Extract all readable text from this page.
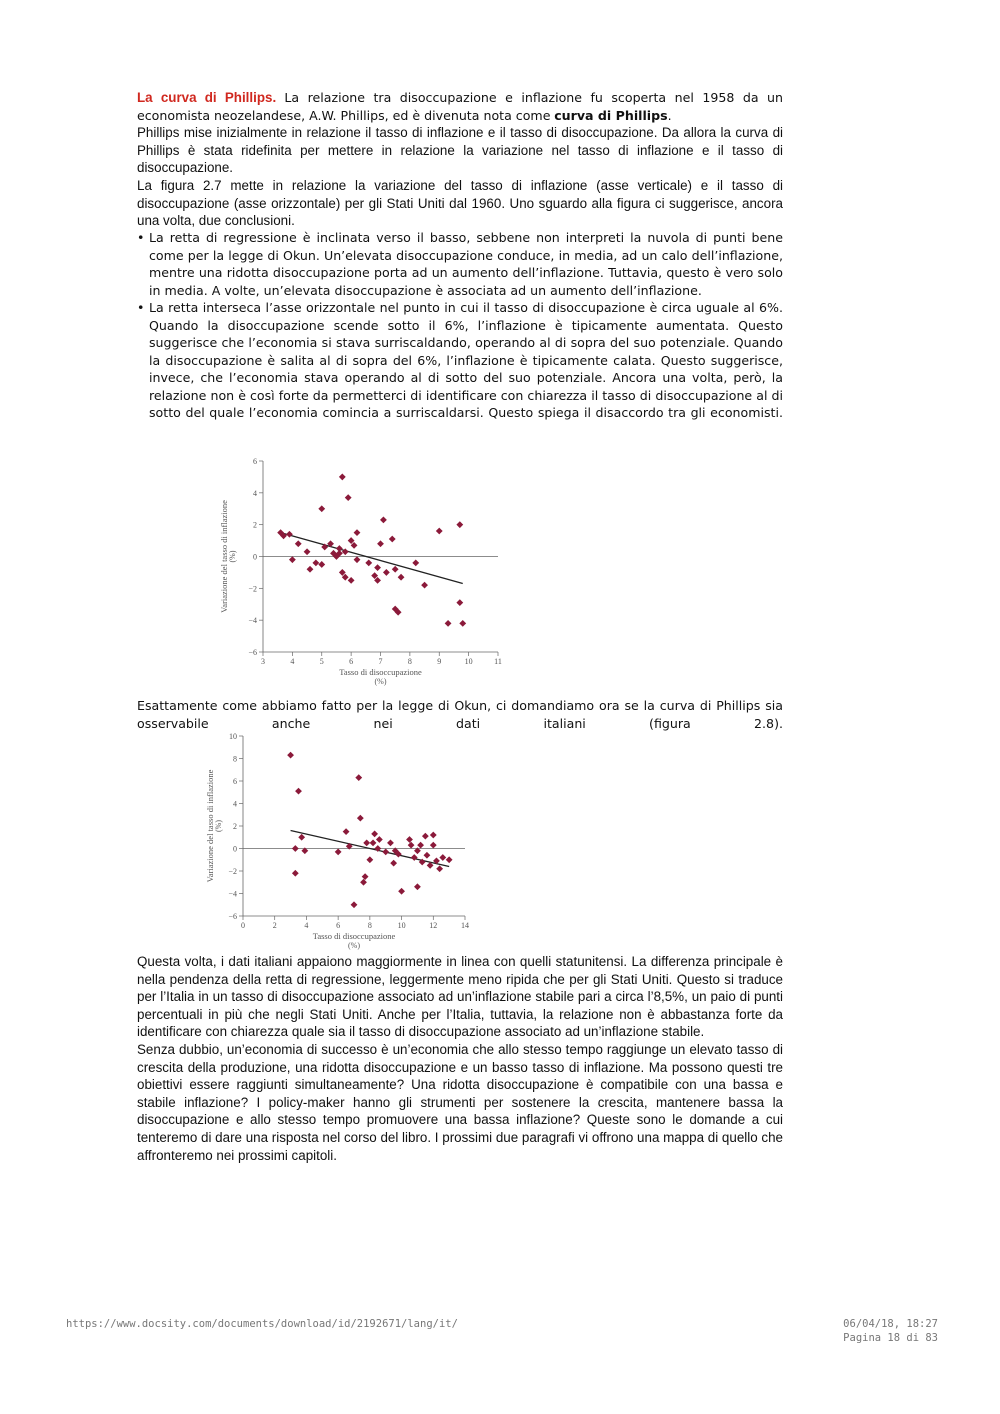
La curva di Phillips. La relazione tra disoccupazione e inflazione fu scoperta nel 1958 da un economista neozelandese, A.W. Phillips, ed è divenuta nota come curva di Phillips.
Phillips mise inizialmente in relazione il tasso di inflazione e il tasso di disoccupazione. Da allora la curva di Phillips è stata ridefinita per mettere in relazione la variazione nel tasso di inflazione e il tasso di disoccupazione.
La figura 2.7 mette in relazione la variazione del tasso di inflazione (asse verticale) e il tasso di disoccupazione (asse orizzontale) per gli Stati Uniti dal 1960. Uno sguardo alla figura ci suggerisce, ancora una volta, due conclusioni.
• La retta di regressione è inclinata verso il basso, sebbene non interpreti la nuvola di punti bene come per la legge di Okun. Un’elevata disoccupazione conduce, in media, ad un calo dell’inflazione, mentre una ridotta disoccupazione porta ad un aumento dell’inflazione. Tuttavia, questo è vero solo in media. A volte, un’elevata disoccupazione è associata ad un aumento dell’inflazione.
• La retta interseca l’asse orizzontale nel punto in cui il tasso di disoccupazione è circa uguale al 6%. Quando la disoccupazione scende sotto il 6%, l’inflazione è tipicamente aumentata. Questo suggerisce che l’economia si stava surriscaldando, operando al di sopra del suo potenziale. Quando la disoccupazione è salita al di sopra del 6%, l’inflazione è tipicamente calata. Questo suggerisce, invece, che l’economia stava operando al di sotto del suo potenziale. Ancora una volta, però, la relazione non è così forte da permetterci di identificare con chiarezza il tasso di disoccupazione al di sotto del quale l’economia comincia a surriscaldarsi. Questo spiega il disaccordo tra gli economisti.
6
4
2
0
−2
−4
−6
3	4	5	6	7	8	9	10	11
Tasso di disoccupazione
(%)
Variazione del tasso di inflazione (%)
Esattamente come abbiamo fatto per la legge di Okun, ci domandiamo ora se la curva di Phillips sia osservabile anche nei dati italiani (figura 2.8).
10
8
6
4
2
0
−2
−4
−6
0	2	4	6	8	10	12	14
Tasso di disoccupazione
(%)
Variazione del tasso di inflazione (%)
Questa volta, i dati italiani appaiono maggiormente in linea con quelli statunitensi. La differenza principale è nella pendenza della retta di regressione, leggermente meno ripida che per gli Stati Uniti. Questo si traduce per l’Italia in un tasso di disoccupazione associato ad un’inflazione stabile pari a circa l’8,5%, un paio di punti percentuali in più che negli Stati Uniti. Anche per l’Italia, tuttavia, la relazione non è abbastanza forte da identificare con chiarezza quale sia il tasso di disoccupazione associato ad un’inflazione stabile.
Senza dubbio, un’economia di successo è un’economia che allo stesso tempo raggiunge un elevato tasso di crescita della produzione, una ridotta disoccupazione e un basso tasso di inflazione. Ma possono questi tre obiettivi essere raggiunti simultaneamente? Una ridotta disoccupazione è compatibile con una bassa e stabile inflazione? I policy-maker hanno gli strumenti per sostenere la crescita, mantenere bassa la disoccupazione e allo stesso tempo promuovere una bassa inflazione? Queste sono le domande a cui tenteremo di dare una risposta nel corso del libro. I prossimi due paragrafi vi offrono una mappa di quello che affronteremo nei prossimi capitoli.
https://www.docsity.com/documents/download/id/2192671/lang/it/	06/04/18, 18:27
Pagina 18 di 83
